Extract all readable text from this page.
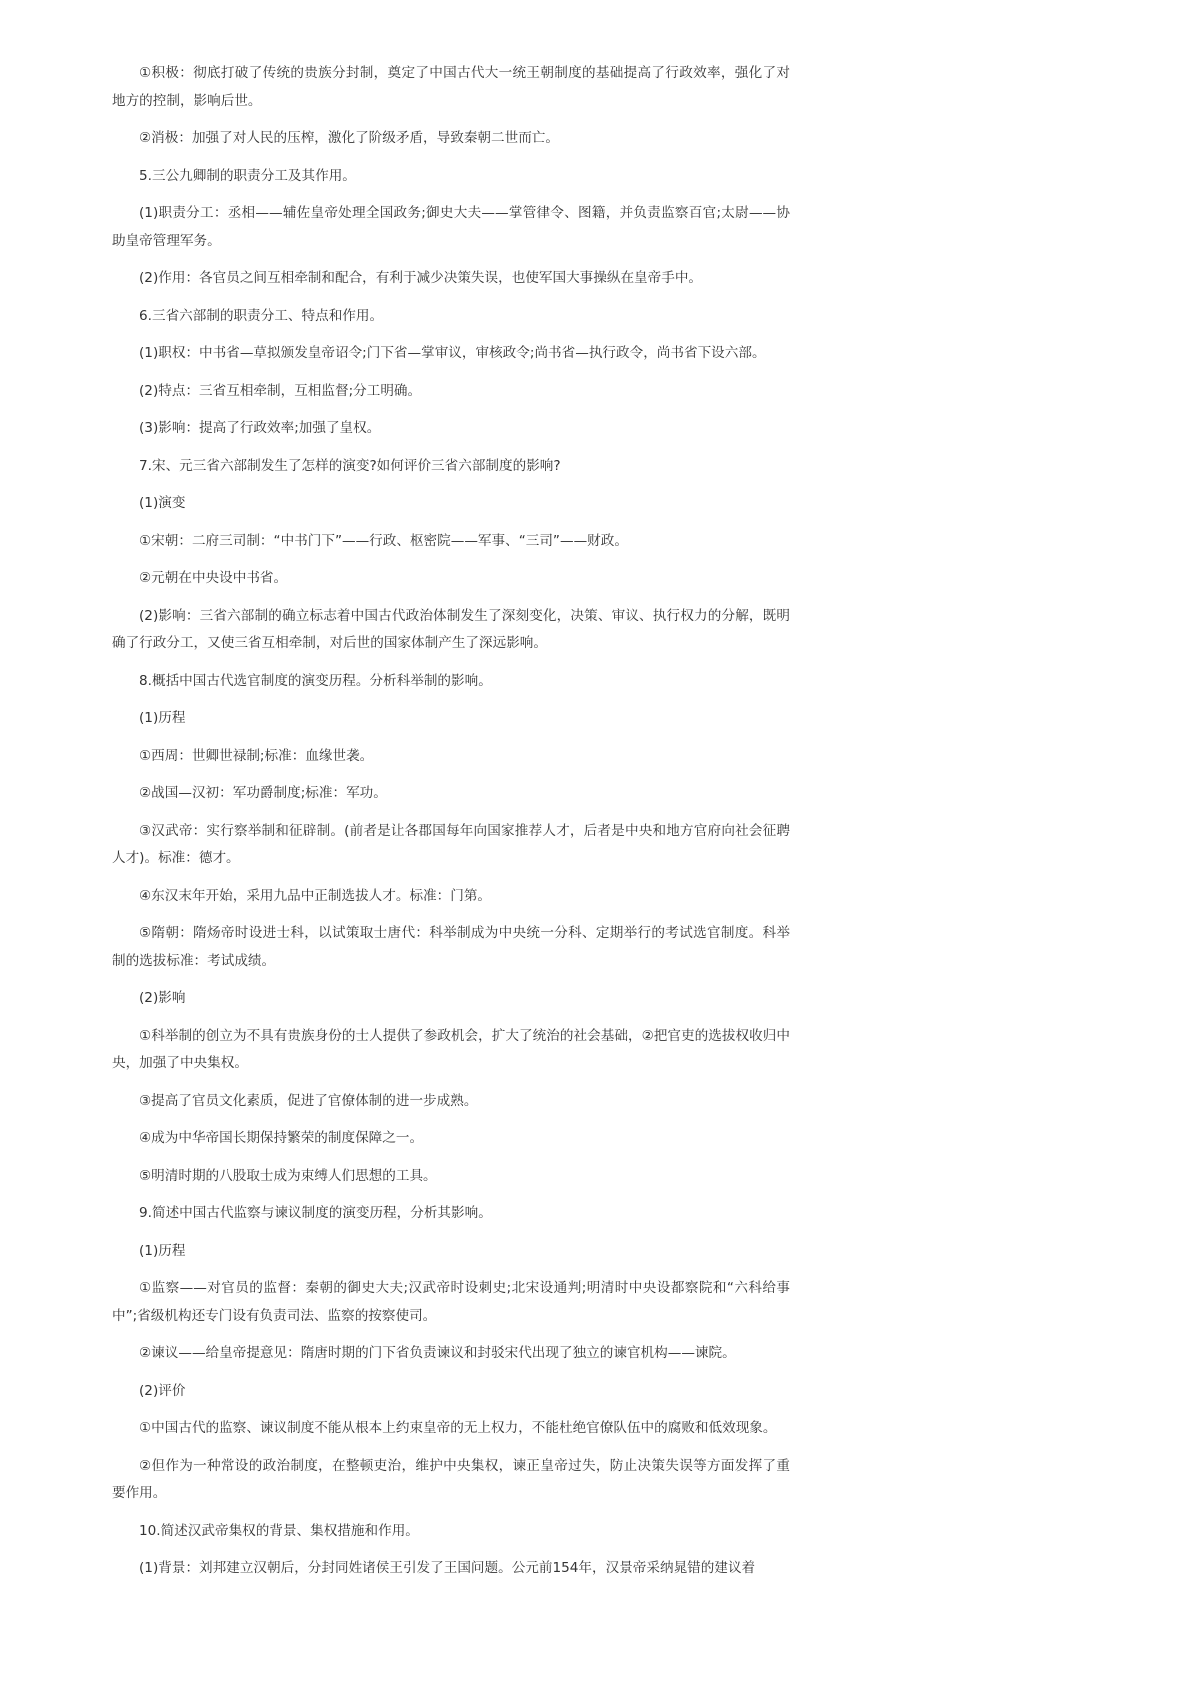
①积极：彻底打破了传统的贵族分封制，奠定了中国古代大一统王朝制度的基础提高了行政效率，强化了对地方的控制，影响后世。

②消极：加强了对人民的压榨，激化了阶级矛盾，导致秦朝二世而亡。

5.三公九卿制的职责分工及其作用。

(1)职责分工：丞相——辅佐皇帝处理全国政务;御史大夫——掌管律令、图籍，并负责监察百官;太尉——协助皇帝管理军务。

(2)作用：各官员之间互相牵制和配合，有利于减少决策失误，也使军国大事操纵在皇帝手中。

6.三省六部制的职责分工、特点和作用。

(1)职权：中书省—草拟颁发皇帝诏令;门下省—掌审议，审核政令;尚书省—执行政令，尚书省下设六部。

(2)特点：三省互相牵制，互相监督;分工明确。

(3)影响：提高了行政效率;加强了皇权。

7.宋、元三省六部制发生了怎样的演变?如何评价三省六部制度的影响?

(1)演变

①宋朝：二府三司制：“中书门下”——行政、枢密院——军事、“三司”——财政。

②元朝在中央设中书省。

(2)影响：三省六部制的确立标志着中国古代政治体制发生了深刻变化，决策、审议、执行权力的分解，既明确了行政分工，又使三省互相牵制，对后世的国家体制产生了深远影响。

8.概括中国古代选官制度的演变历程。分析科举制的影响。

(1)历程

①西周：世卿世禄制;标准：血缘世袭。

②战国—汉初：军功爵制度;标准：军功。

③汉武帝：实行察举制和征辟制。(前者是让各郡国每年向国家推荐人才，后者是中央和地方官府向社会征聘人才)。标准：德才。

④东汉末年开始，采用九品中正制选拔人才。标准：门第。

⑤隋朝：隋炀帝时设进士科，以试策取士唐代：科举制成为中央统一分科、定期举行的考试选官制度。科举制的选拔标准：考试成绩。

(2)影响

①科举制的创立为不具有贵族身份的士人提供了参政机会，扩大了统治的社会基础，②把官吏的选拔权收归中央，加强了中央集权。

③提高了官员文化素质，促进了官僚体制的进一步成熟。

④成为中华帝国长期保持繁荣的制度保障之一。

⑤明清时期的八股取士成为束缚人们思想的工具。

9.简述中国古代监察与谏议制度的演变历程，分析其影响。

(1)历程

①监察——对官员的监督：秦朝的御史大夫;汉武帝时设刺史;北宋设通判;明清时中央设都察院和“六科给事中”;省级机构还专门设有负责司法、监察的按察使司。

②谏议——给皇帝提意见：隋唐时期的门下省负责谏议和封驳宋代出现了独立的谏官机构——谏院。

(2)评价

①中国古代的监察、谏议制度不能从根本上约束皇帝的无上权力，不能杜绝官僚队伍中的腐败和低效现象。

②但作为一种常设的政治制度，在整顿吏治，维护中央集权，谏正皇帝过失，防止决策失误等方面发挥了重要作用。

10.简述汉武帝集权的背景、集权措施和作用。

(1)背景：刘邦建立汉朝后，分封同姓诸侯王引发了王国问题。公元前154年，汉景帝采纳晁错的建议着
